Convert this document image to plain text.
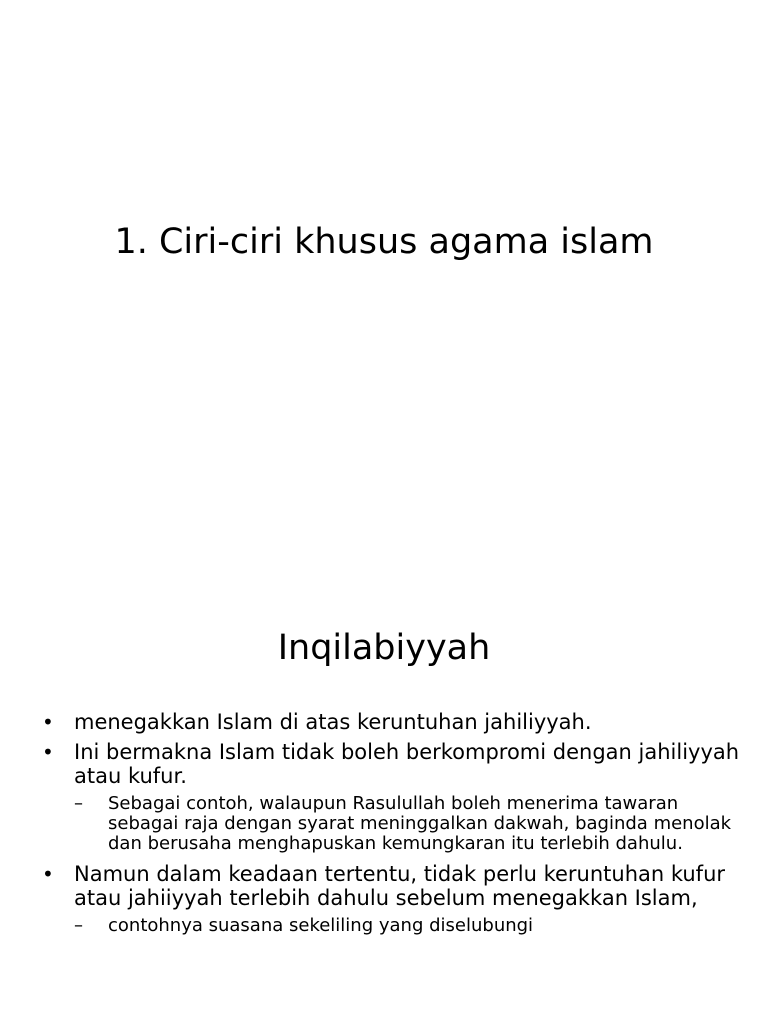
1. Ciri-ciri khusus agama islam
Inqilabiyyah
• menegakkan Islam di atas keruntuhan jahiliyyah.
• Ini bermakna Islam tidak boleh berkompromi dengan jahiliyyah atau kufur.
– Sebagai contoh, walaupun Rasulullah boleh menerima tawaran sebagai raja dengan syarat meninggalkan dakwah, baginda menolak dan berusaha menghapuskan kemungkaran itu terlebih dahulu.
• Namun dalam keadaan tertentu, tidak perlu keruntuhan kufur atau jahiiyyah terlebih dahulu sebelum menegakkan Islam,
– contohnya suasana sekeliling yang diselubungi
